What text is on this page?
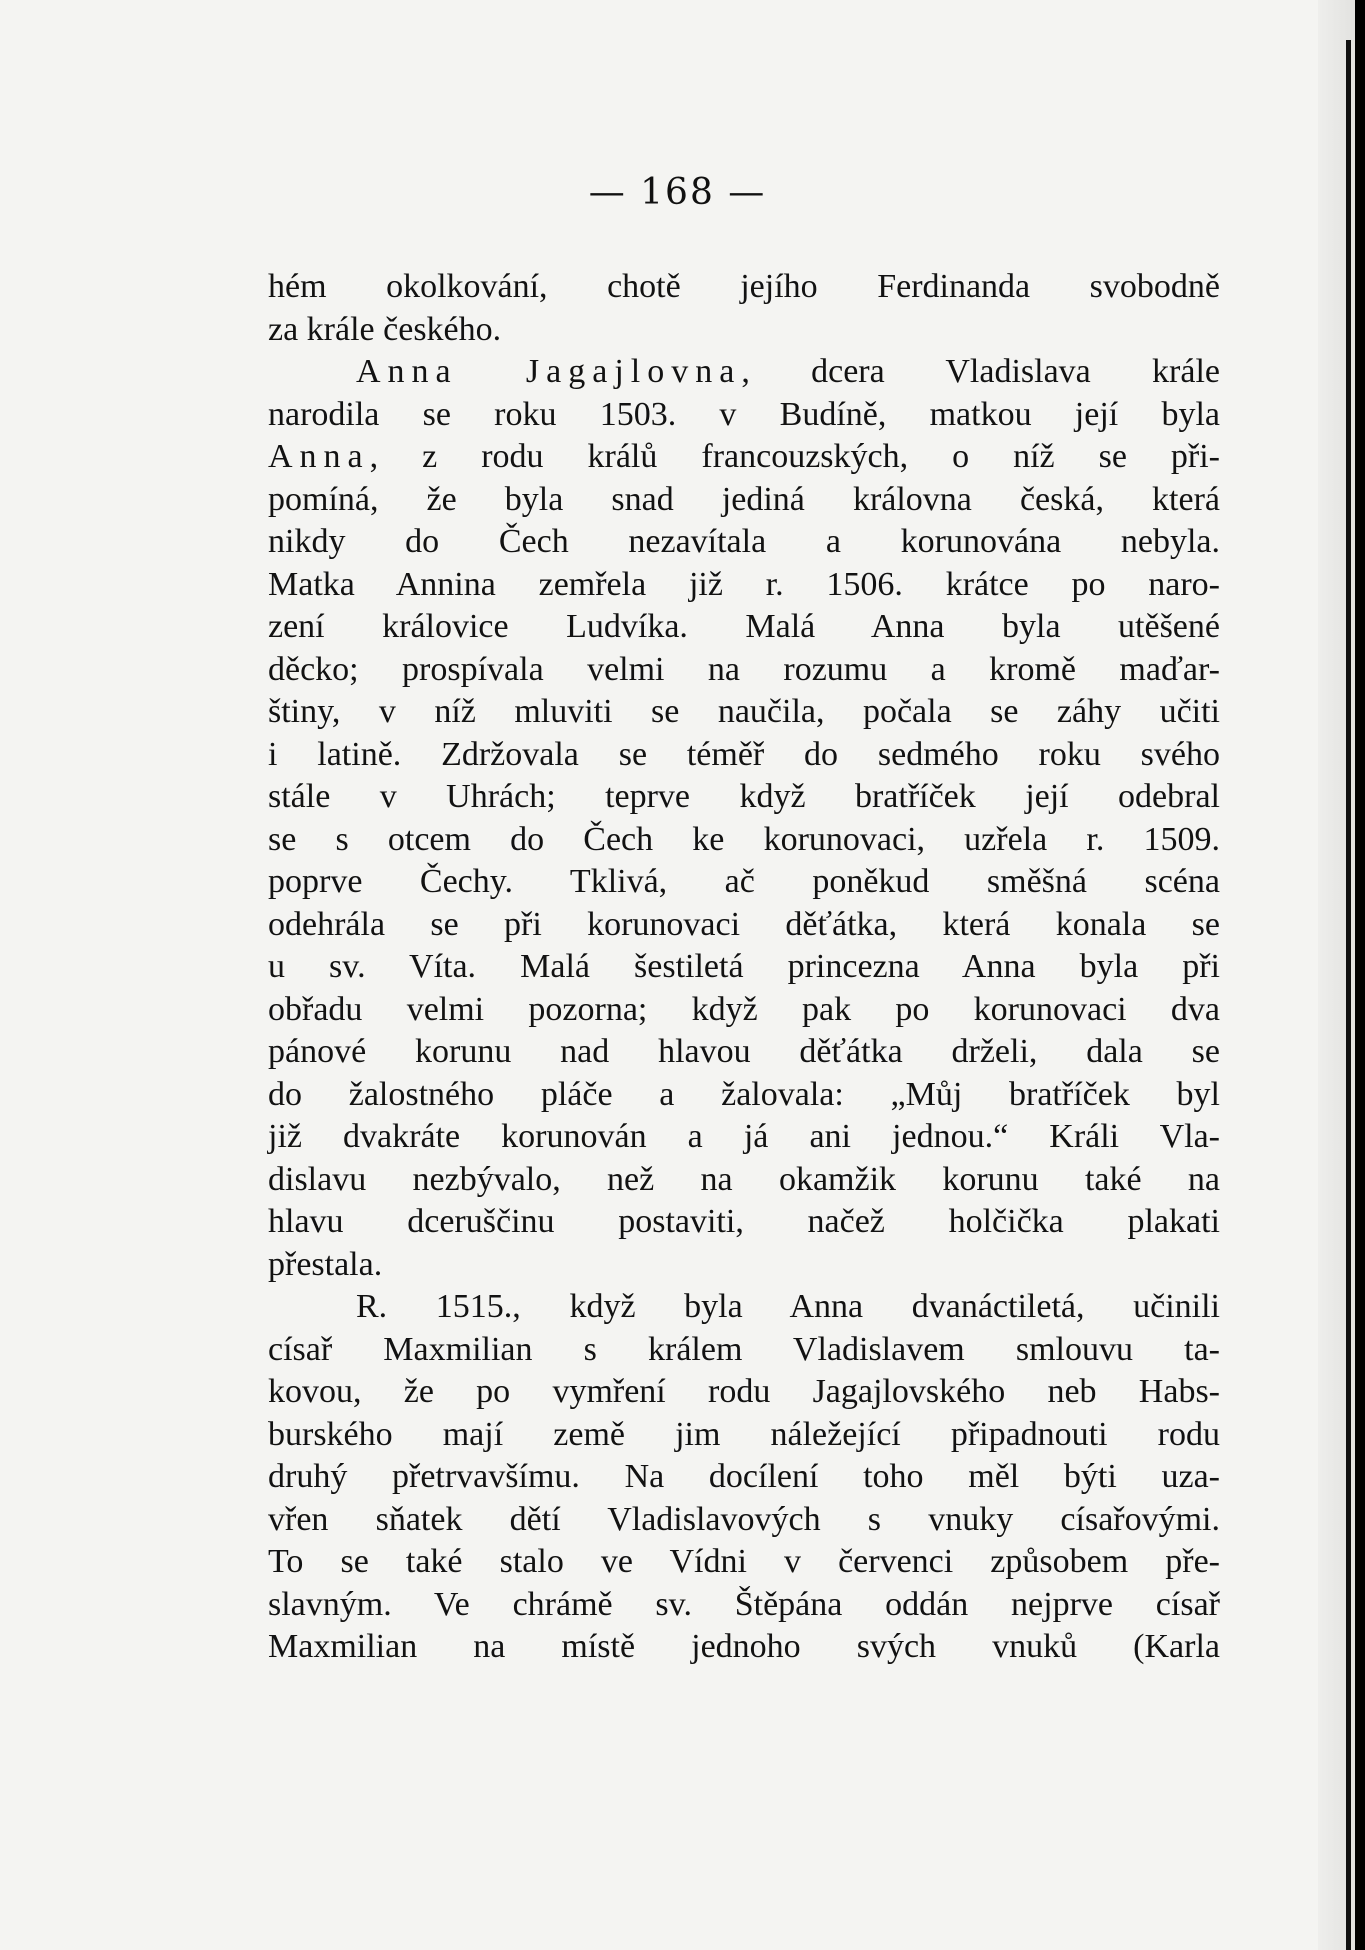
— 168 —
hém okolkování, chotě jejího Ferdinanda svobodně
za krále českého.
Anna Jagajlovna, dcera Vladislava krále
narodila se roku 1503. v Budíně, matkou její byla
Anna, z rodu králů francouzských, o níž se při-
pomíná, že byla snad jediná královna česká, která
nikdy do Čech nezavítala a korunována nebyla.
Matka Annina zemřela již r. 1506. krátce po naro-
zení královice Ludvíka. Malá Anna byla utěšené
děcko; prospívala velmi na rozumu a kromě maďar-
štiny, v níž mluviti se naučila, počala se záhy učiti
i latině. Zdržovala se téměř do sedmého roku svého
stále v Uhrách; teprve když bratříček její odebral
se s otcem do Čech ke korunovaci, uzřela r. 1509.
poprve Čechy. Tklivá, ač poněkud směšná scéna
odehrála se při korunovaci děťátka, která konala se
u sv. Víta. Malá šestiletá princezna Anna byla při
obřadu velmi pozorna; když pak po korunovaci dva
pánové korunu nad hlavou děťátka drželi, dala se
do žalostného pláče a žalovala: „Můj bratříček byl
již dvakráte korunován a já ani jednou.“ Králi Vla-
dislavu nezbývalo, než na okamžik korunu také na
hlavu dceruščinu postaviti, načež holčička plakati
přestala.
R. 1515., když byla Anna dvanáctiletá, učinili
císař Maxmilian s králem Vladislavem smlouvu ta-
kovou, že po vymření rodu Jagajlovského neb Habs-
burského mají země jim náležející připadnouti rodu
druhý přetrvavšímu. Na docílení toho měl býti uza-
vřen sňatek dětí Vladislavových s vnuky císařovými.
To se také stalo ve Vídni v červenci způsobem pře-
slavným. Ve chrámě sv. Štěpána oddán nejprve císař
Maxmilian na místě jednoho svých vnuků (Karla
